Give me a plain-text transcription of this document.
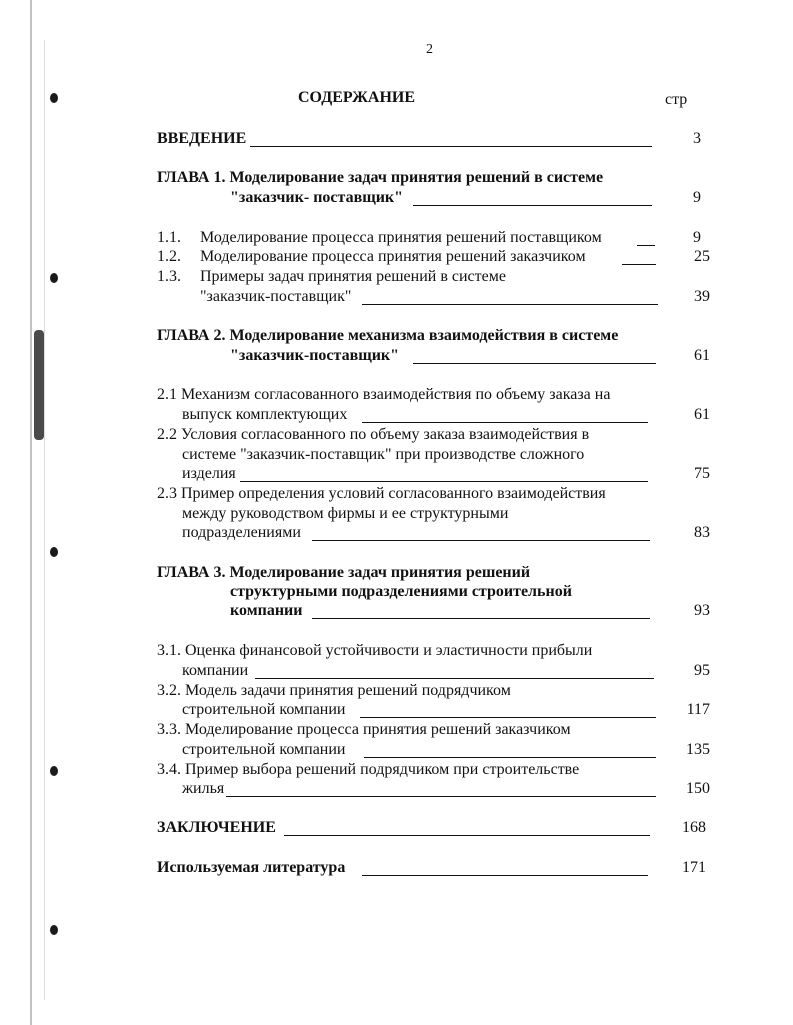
2
СОДЕРЖАНИЕ	стр
ВВЕДЕНИЕ	3
ГЛАВА 1. Моделирование задач принятия решений в системе
"заказчик- поставщик"	9
1.1. Моделирование процесса принятия решений поставщиком	9
1.2. Моделирование процесса принятия решений заказчиком	25
1.3. Примеры задач принятия решений в системе
"заказчик-поставщик"	39
ГЛАВА 2. Моделирование механизма взаимодействия в системе
"заказчик-поставщик"	61
2.1 Механизм согласованного взаимодействия по объему заказа на
выпуск комплектующих	61
2.2 Условия согласованного по объему заказа взаимодействия в
системе "заказчик-поставщик" при производстве сложного
изделия	75
2.3 Пример определения условий согласованного взаимодействия
между руководством фирмы и ее структурными
подразделениями	83
ГЛАВА 3. Моделирование задач принятия решений
структурными подразделениями строительной
компании	93
3.1. Оценка финансовой устойчивости и эластичности прибыли
компании	95
3.2. Модель задачи принятия решений подрядчиком
строительной компании	117
3.3. Моделирование процесса принятия решений заказчиком
строительной компании	135
3.4. Пример выбора решений подрядчиком при строительстве
жилья	150
ЗАКЛЮЧЕНИЕ	168
Используемая литература	171
